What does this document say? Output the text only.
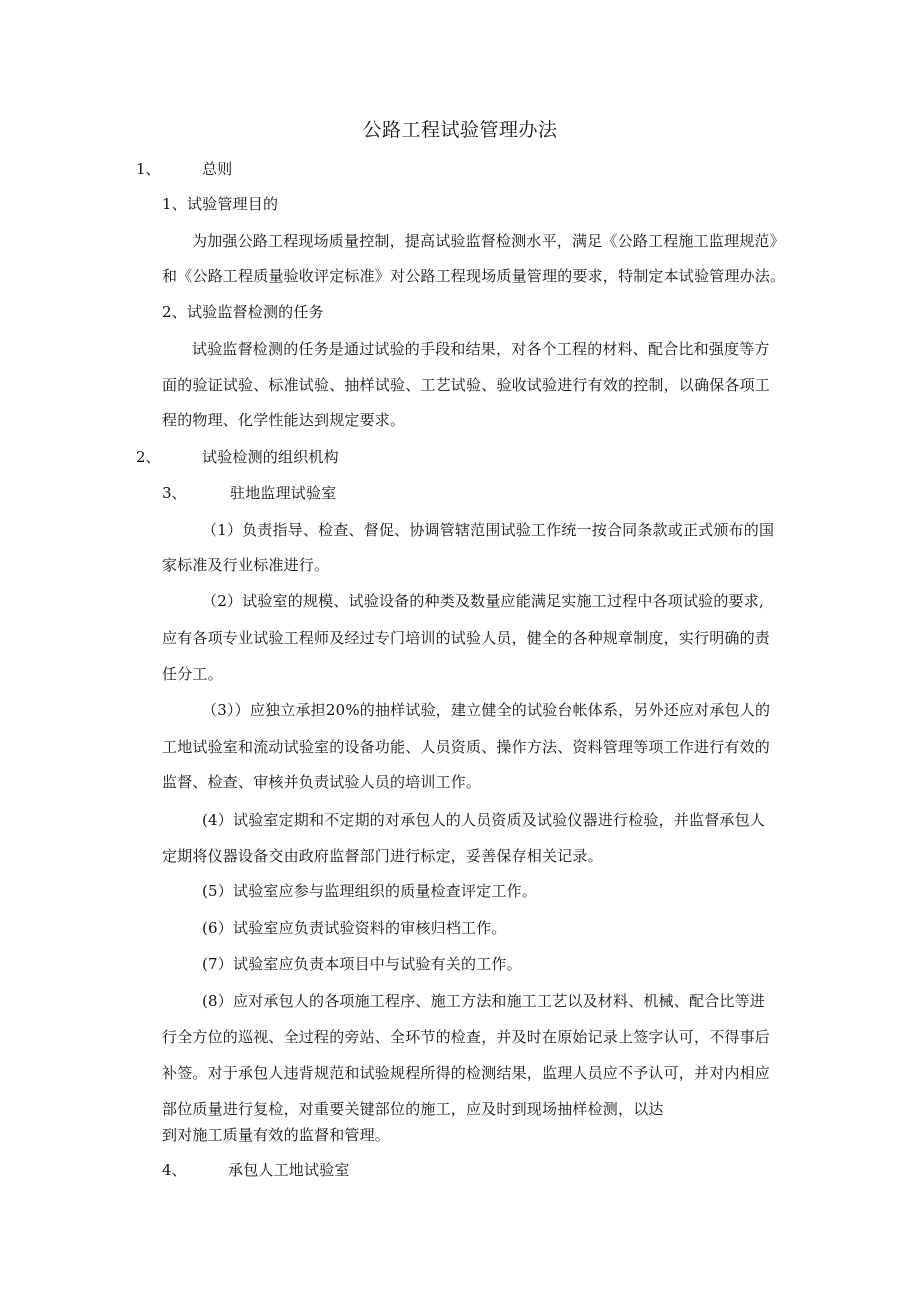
公路工程试验管理办法
1、	总则
1、试验管理目的
为加强公路工程现场质量控制，提高试验监督检测水平，满足《公路工程施工监理规范》
和《公路工程质量验收评定标准》对公路工程现场质量管理的要求，特制定本试验管理办法。
2、试验监督检测的任务
试验监督检测的任务是通过试验的手段和结果，对各个工程的材料、配合比和强度等方
面的验证试验、标准试验、抽样试验、工艺试验、验收试验进行有效的控制，以确保各项工
程的物理、化学性能达到规定要求。
2、	试验检测的组织机构
3、	驻地监理试验室
（1）负责指导、检查、督促、协调管辖范围试验工作统一按合同条款或正式颁布的国
家标准及行业标准进行。
（2）试验室的规模、试验设备的种类及数量应能满足实施工过程中各项试验的要求,
应有各项专业试验工程师及经过专门培训的试验人员，健全的各种规章制度，实行明确的责
任分工。
（3））应独立承担20%的抽样试验，建立健全的试验台帐体系，另外还应对承包人的
工地试验室和流动试验室的设备功能、人员资质、操作方法、资料管理等项工作进行有效的
监督、检查、审核并负责试验人员的培训工作。
(4）试验室定期和不定期的对承包人的人员资质及试验仪器进行检验，并监督承包人
定期将仪器设备交由政府监督部门进行标定，妥善保存相关记录。
(5）试验室应参与监理组织的质量检查评定工作。
(6）试验室应负责试验资料的审核归档工作。
(7）试验室应负责本项目中与试验有关的工作。
(8）应对承包人的各项施工程序、施工方法和施工工艺以及材料、机械、配合比等进
行全方位的巡视、全过程的旁站、全环节的检查，并及时在原始记录上签字认可，不得事后
补签。对于承包人违背规范和试验规程所得的检测结果，监理人员应不予认可，并对内相应
部位质量进行复检，对重要关键部位的施工，应及时到现场抽样检测，以达
到对施工质量有效的监督和管理。
4、	承包人工地试验室
